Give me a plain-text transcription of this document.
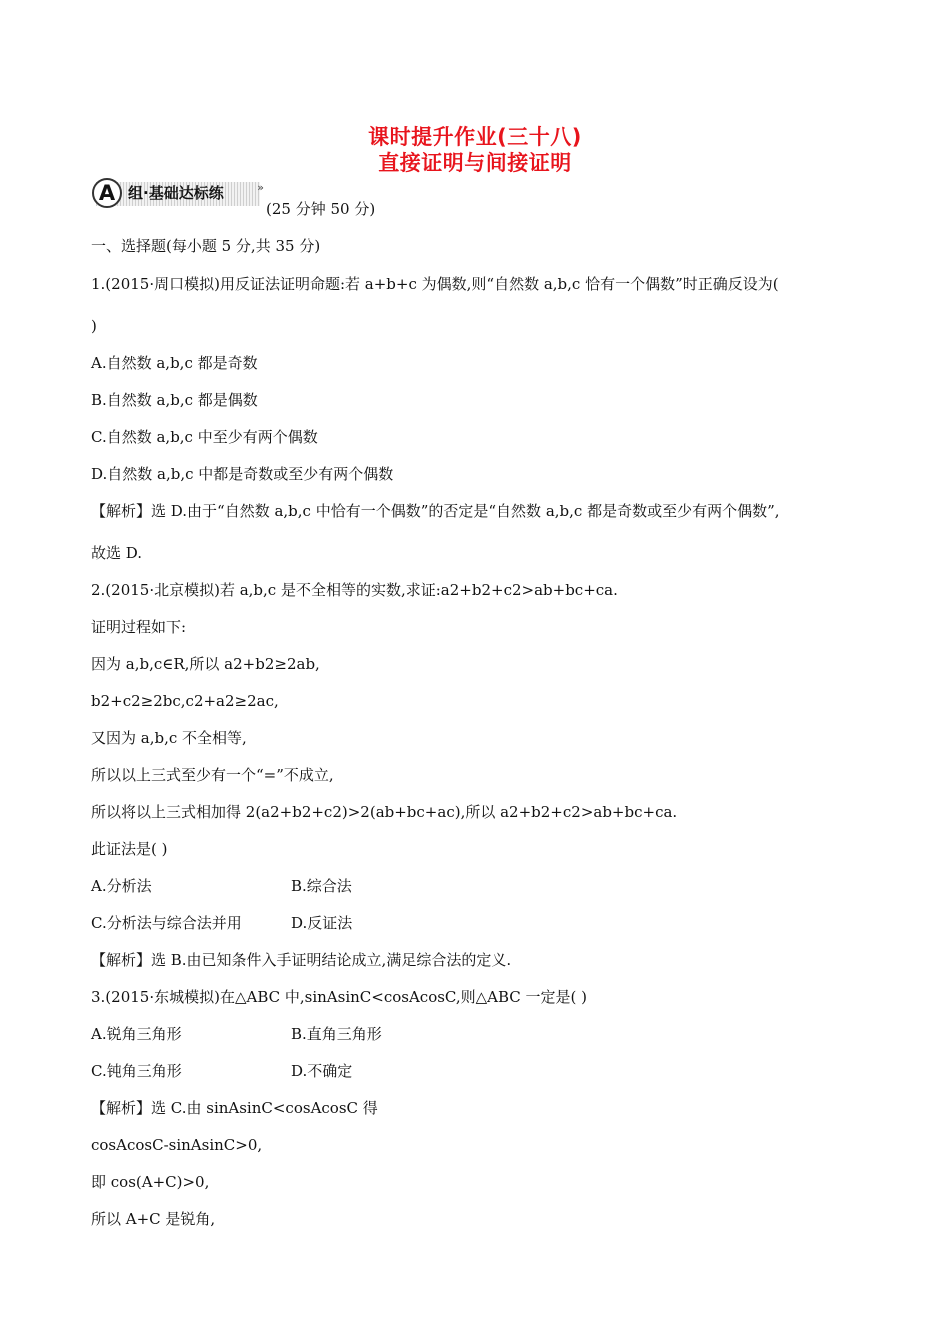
课时提升作业(三十八)
直接证明与间接证明
A 组·基础达标练	»
(25 分钟 50 分)
一、选择题(每小题 5 分,共 35 分)
1.(2015·周口模拟)用反证法证明命题:若 a+b+c 为偶数,则“自然数 a,b,c 恰有一个偶数”时正确反设为(
)
A.自然数 a,b,c 都是奇数
B.自然数 a,b,c 都是偶数
C.自然数 a,b,c 中至少有两个偶数
D.自然数 a,b,c 中都是奇数或至少有两个偶数
【解析】选 D.由于“自然数 a,b,c 中恰有一个偶数”的否定是“自然数 a,b,c 都是奇数或至少有两个偶数”,
故选 D.
2.(2015·北京模拟)若 a,b,c 是不全相等的实数,求证:a2+b2+c2>ab+bc+ca.
证明过程如下:
因为 a,b,c∈R,所以 a2+b2≥2ab,
b2+c2≥2bc,c2+a2≥2ac,
又因为 a,b,c 不全相等,
所以以上三式至少有一个“=”不成立,
所以将以上三式相加得 2(a2+b2+c2)>2(ab+bc+ac),所以 a2+b2+c2>ab+bc+ca.
此证法是( )
A.分析法	B.综合法
C.分析法与综合法并用	D.反证法
【解析】选 B.由已知条件入手证明结论成立,满足综合法的定义.
3.(2015·东城模拟)在△ABC 中,sinAsinC<cosAcosC,则△ABC 一定是( )
A.锐角三角形	B.直角三角形
C.钝角三角形	D.不确定
【解析】选 C.由 sinAsinC<cosAcosC 得
cosAcosC-sinAsinC>0,
即 cos(A+C)>0,
所以 A+C 是锐角,
